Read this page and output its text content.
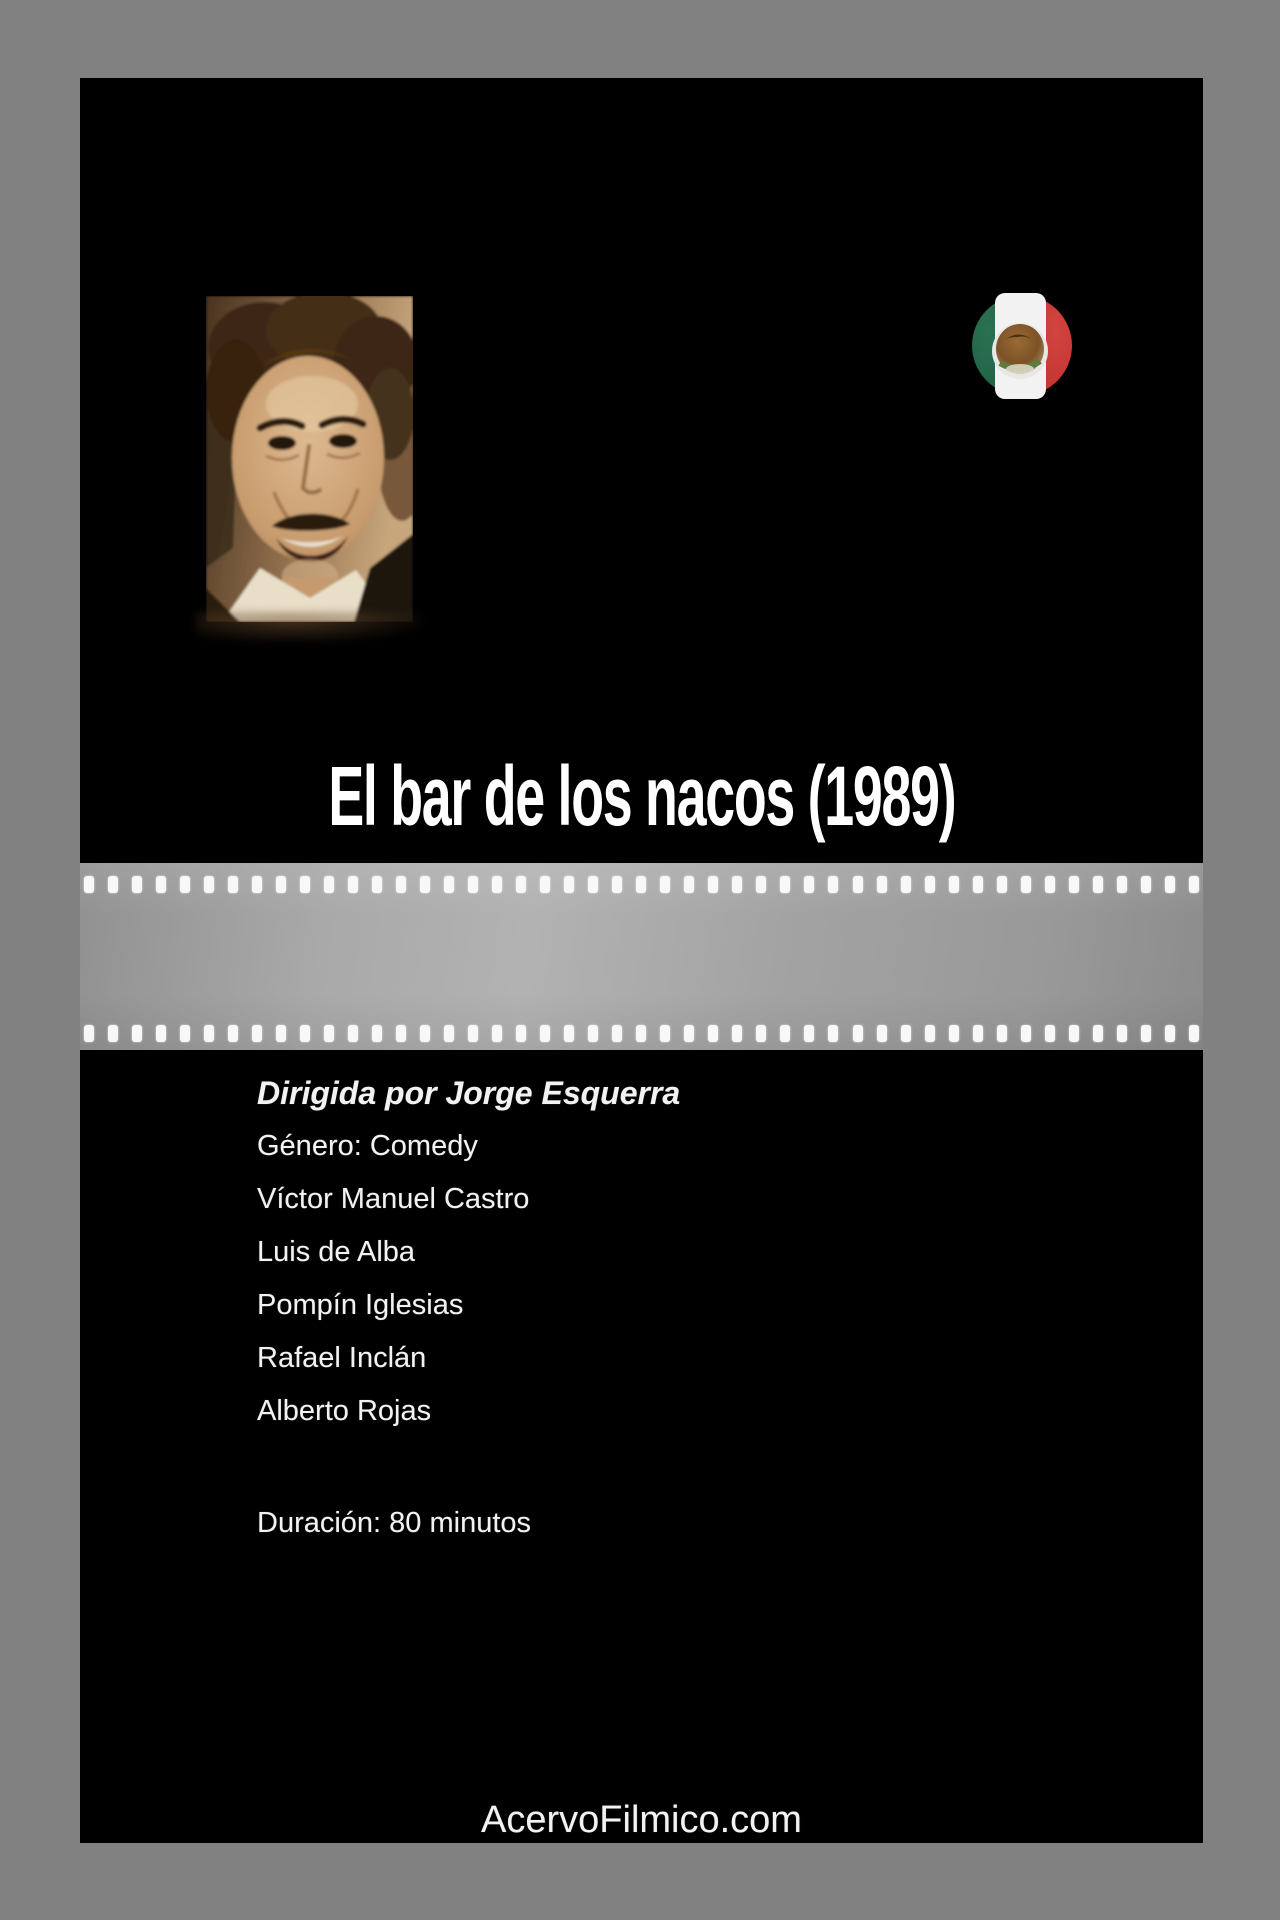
El bar de los nacos (1989)
Dirigida por Jorge Esquerra
Género: Comedy
Víctor Manuel Castro
Luis de Alba
Pompín Iglesias
Rafael Inclán
Alberto Rojas
Duración: 80 minutos
AcervoFilmico.com
